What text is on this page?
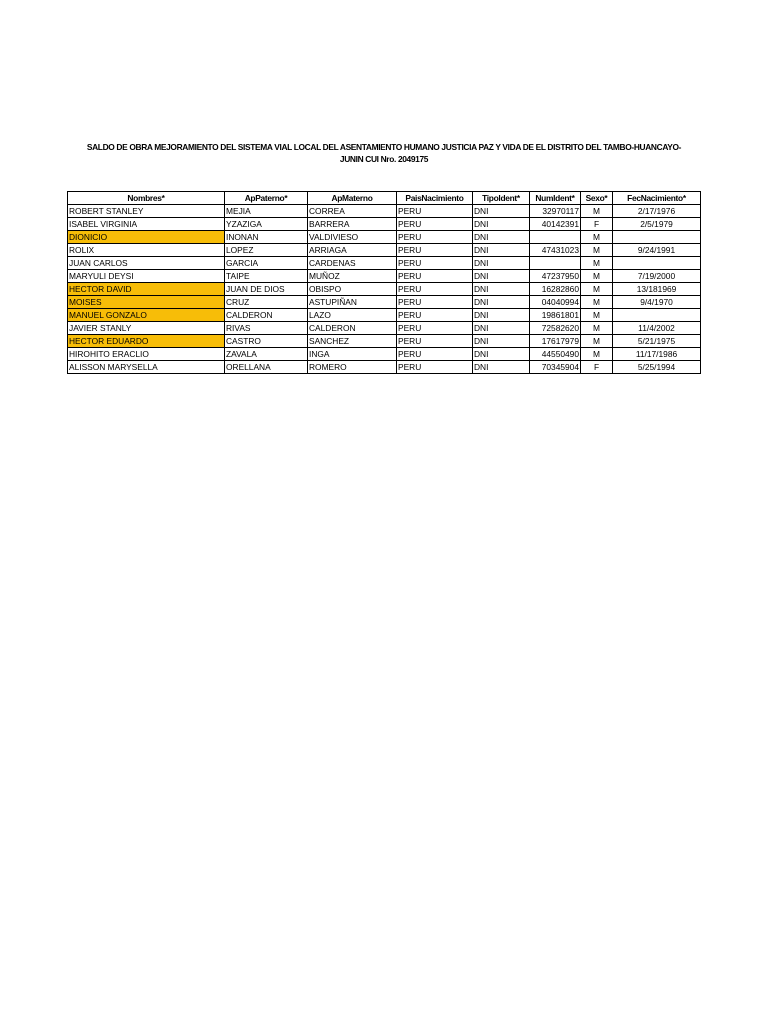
SALDO DE OBRA MEJORAMIENTO DEL SISTEMA VIAL LOCAL DEL ASENTAMIENTO HUMANO JUSTICIA PAZ Y VIDA DE EL DISTRITO DEL TAMBO-HUANCAYO-
JUNIN CUI Nro. 2049175
Nombres*	ApPaterno*	ApMaterno	PaisNacimiento	TipoIdent*	NumIdent*	Sexo*	FecNacimiento*
ROBERT STANLEY	MEJIA	CORREA	PERU	DNI	32970117	M	2/17/1976
ISABEL VIRGINIA	YZAZIGA	BARRERA	PERU	DNI	40142391	F	2/5/1979
DIONICIO	INONAN	VALDIVIESO	PERU	DNI		M	
ROLIX	LOPEZ	ARRIAGA	PERU	DNI	47431023	M	9/24/1991
JUAN CARLOS	GARCIA	CARDENAS	PERU	DNI		M	
MARYULI DEYSI	TAIPE	MUÑOZ	PERU	DNI	47237950	M	7/19/2000
HECTOR DAVID	JUAN DE DIOS	OBISPO	PERU	DNI	16282860	M	13/181969
MOISES	CRUZ	ASTUPIÑAN	PERU	DNI	04040994	M	9/4/1970
MANUEL GONZALO	CALDERON	LAZO	PERU	DNI	19861801	M	
JAVIER STANLY	RIVAS	CALDERON	PERU	DNI	72582620	M	11/4/2002
HECTOR EDUARDO	CASTRO	SANCHEZ	PERU	DNI	17617979	M	5/21/1975
HIROHITO ERACLIO	ZAVALA	INGA	PERU	DNI	44550490	M	11/17/1986
ALISSON MARYSELLA	ORELLANA	ROMERO	PERU	DNI	70345904	F	5/25/1994
